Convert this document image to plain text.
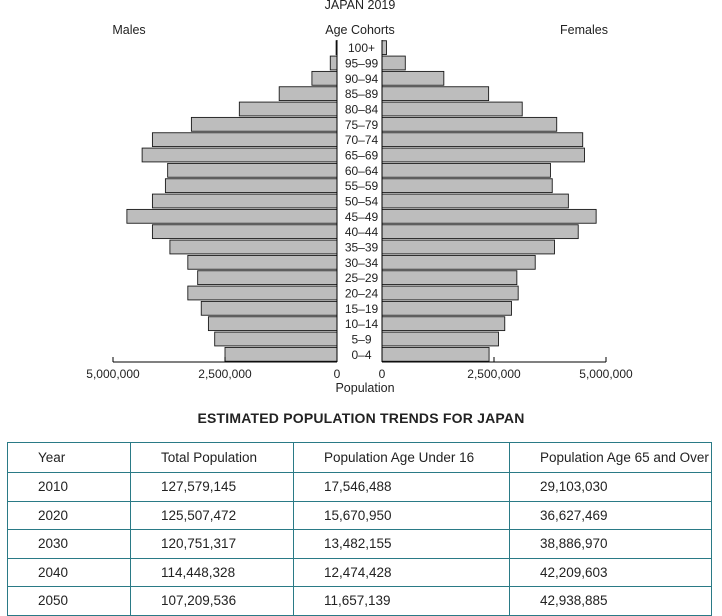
JAPAN 2019
Males	Age Cohorts	Females
0–4
5–9
10–14
15–19
20–24
25–29
30–34
35–39
40–44
45–49
50–54
55–59
60–64
65–69
70–74
75–79
80–84
85–89
90–94
95–99
100+
5,000,000	5,000,000
2,500,000	2,500,000
0	0
Population
ESTIMATED POPULATION TRENDS FOR JAPAN
Year	Total Population	Population Age Under 16	Population Age 65 and Over
2010	127,579,145	17,546,488	29,103,030
2020	125,507,472	15,670,950	36,627,469
2030	120,751,317	13,482,155	38,886,970
2040	114,448,328	12,474,428	42,209,603
2050	107,209,536	11,657,139	42,938,885
